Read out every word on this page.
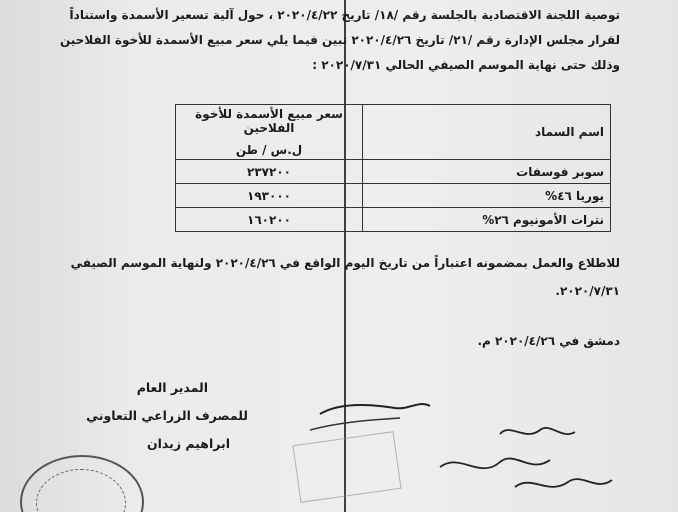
توصية اللجنة الاقتصادية بالجلسة رقم /١٨/ تاريخ ٢٠٢٠/٤/٢٢ ، حول آلية تسعير الأسمدة واستناداً
لقرار مجلس الإدارة رقم /٢١/ تاريخ ٢٠٢٠/٤/٢٦ تبين فيما يلي سعر مبيع الأسمدة للأخوة الفلاحين
وذلك حتى نهاية الموسم الصيفي الحالي ٢٠٢٠/٧/٣١ :
اسم السماد	سعر مبيع الأسمدة للأخوة الفلاحين
ل.س / طن

سوبر فوسفات	٢٣٧٢٠٠
يوريا ٤٦%	١٩٣٠٠٠
نترات الأمونيوم ٢٦%	١٦٠٢٠٠
للاطلاع والعمل بمضمونه اعتباراً من تاريخ اليوم الواقع في ٢٠٢٠/٤/٢٦ ولنهاية الموسم الصيفي
٢٠٢٠/٧/٣١.
دمشق في ٢٠٢٠/٤/٢٦ م.
المدير العام
للمصرف الزراعي التعاوني
ابراهيم زيدان
